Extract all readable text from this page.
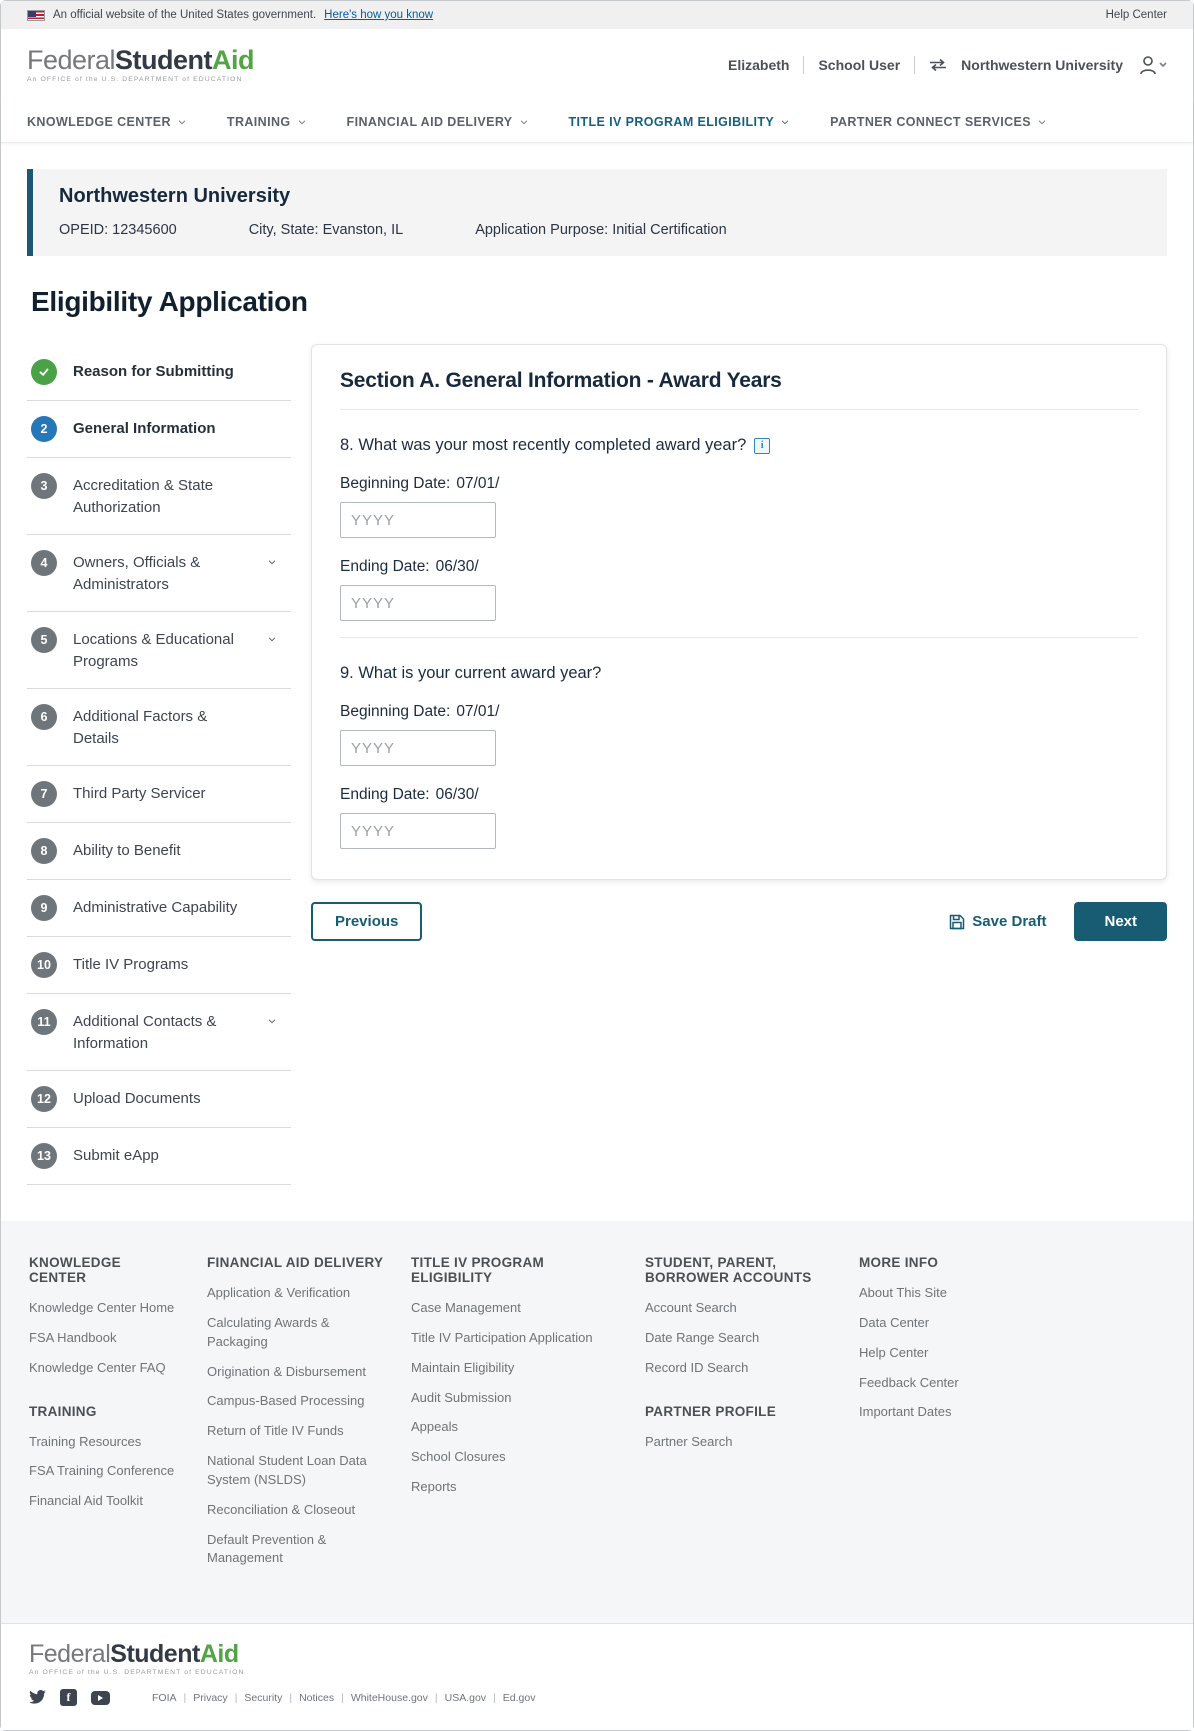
An official website of the United States government. Here's how you know	Help Center
FederalStudentAid
An OFFICE of the U.S. DEPARTMENT of EDUCATION
Elizabeth School User	Northwestern University
KNOWLEDGE CENTER	TRAINING	FINANCIAL AID DELIVERY	TITLE IV PROGRAM ELIGIBILITY	PARTNER CONNECT SERVICES
Northwestern University
OPEID: 12345600	City, State: Evanston, IL	Application Purpose: Initial Certification
Eligibility Application
Reason for Submitting
2	General Information
3	Accreditation & State Authorization
4	Owners, Officials & Administrators
5	Locations & Educational Programs
6	Additional Factors & Details
7	Third Party Servicer
8	Ability to Benefit
9	Administrative Capability
10	Title IV Programs
11	Additional Contacts & Information
12	Upload Documents
13	Submit eApp
Section A. General Information - Award Years
8. What was your most recently completed award year?	i
Beginning Date: 07/01/
YYYY
Ending Date: 06/30/
YYYY
9. What is your current award year?
Beginning Date: 07/01/
YYYY
Ending Date: 06/30/
YYYY
Previous	Save Draft	Next
KNOWLEDGE CENTER
Knowledge Center Home
FSA Handbook
Knowledge Center FAQ
TRAINING
Training Resources
FSA Training Conference
Financial Aid Toolkit
FINANCIAL AID DELIVERY
Application & Verification
Calculating Awards & Packaging
Origination & Disbursement
Campus-Based Processing
Return of Title IV Funds
National Student Loan Data System (NSLDS)
Reconciliation & Closeout
Default Prevention & Management
TITLE IV PROGRAM ELIGIBILITY
Case Management
Title IV Participation Application
Maintain Eligibility
Audit Submission
Appeals
School Closures
Reports
STUDENT, PARENT, BORROWER ACCOUNTS
Account Search
Date Range Search
Record ID Search
PARTNER PROFILE
Partner Search
MORE INFO
About This Site
Data Center
Help Center
Feedback Center
Important Dates
FederalStudentAid
An OFFICE of the U.S. DEPARTMENT of EDUCATION
f	FOIA |	Privacy |	Security |	Notices |	WhiteHouse.gov |	USA.gov |	Ed.gov
